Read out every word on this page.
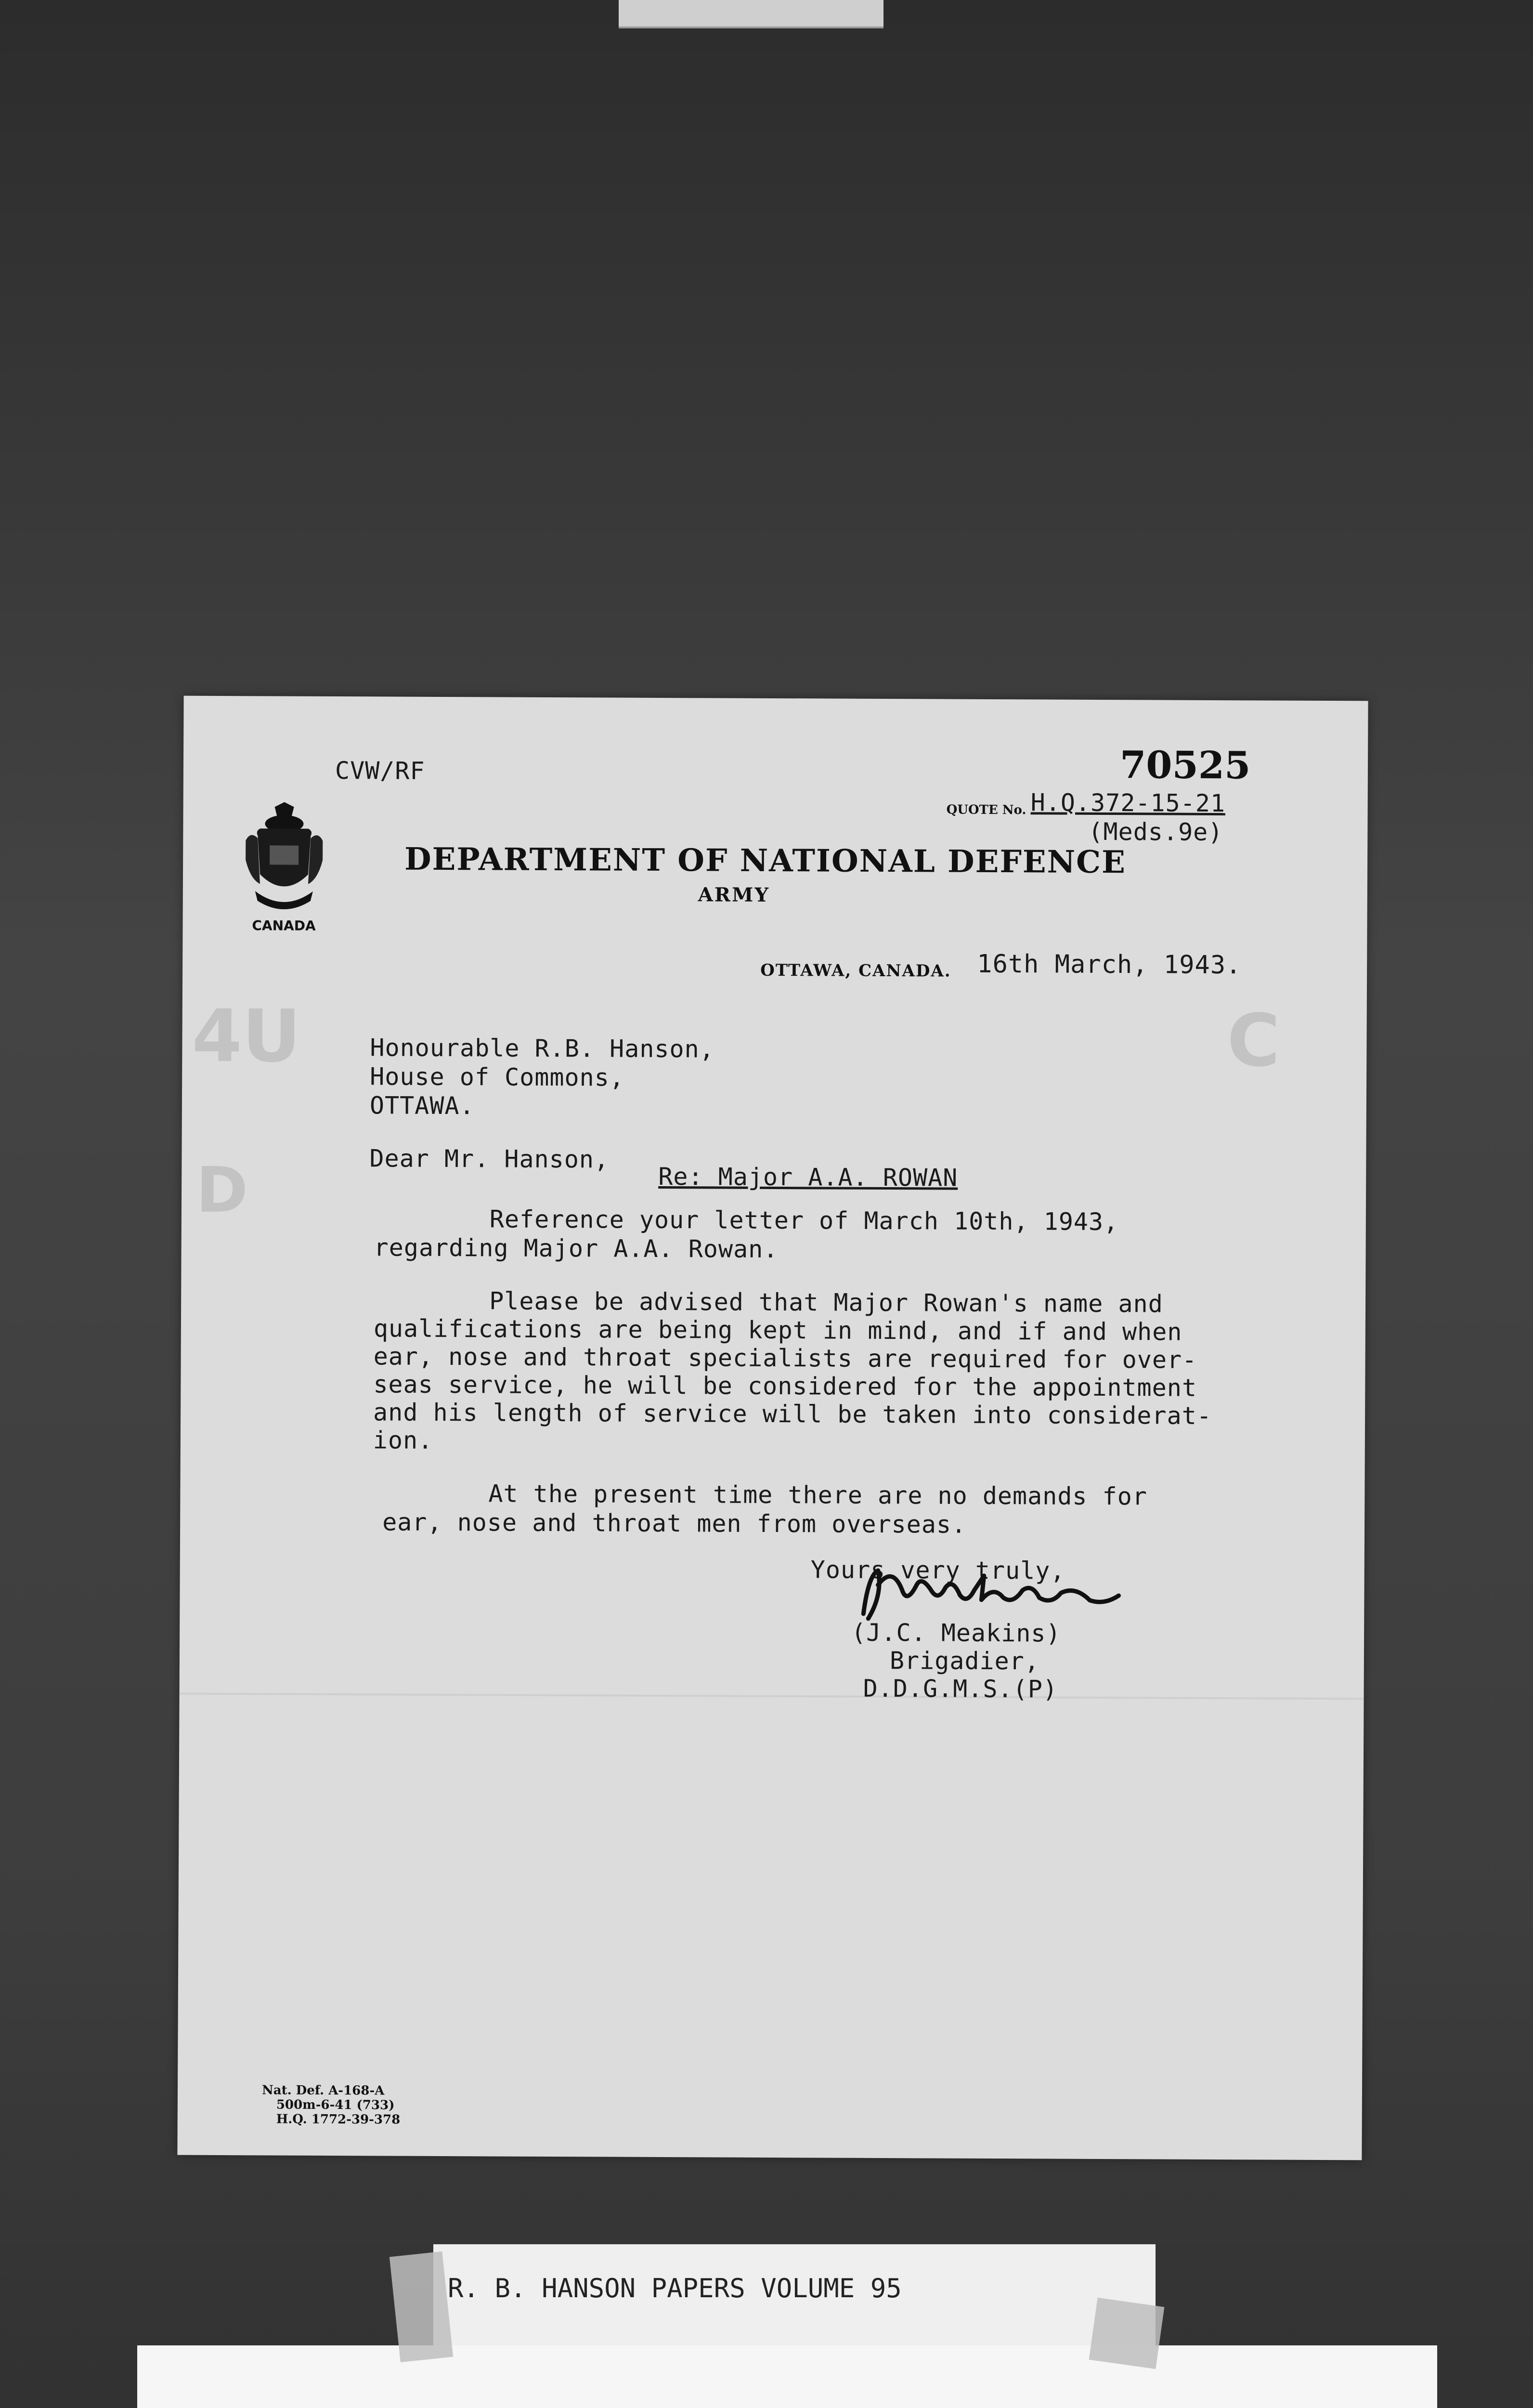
4U
D
C
CANADA
CVW/RF	70525
QUOTE No. H.Q.372-15-21
(Meds.9e)
DEPARTMENT OF NATIONAL DEFENCE
ARMY
OTTAWA, CANADA. 16th March, 1943.
Honourable R.B. Hanson,
House of Commons,
OTTAWA.
Dear Mr. Hanson,
Re: Major A.A. ROWAN
Reference your letter of March 10th, 1943,
regarding Major A.A. Rowan.
Please be advised that Major Rowan's name and
qualifications are being kept in mind, and if and when
ear, nose and throat specialists are required for over-
seas service, he will be considered for the appointment
and his length of service will be taken into considerat-
ion.
At the present time there are no demands for
ear, nose and throat men from overseas.
Yours very truly,
(J.C. Meakins)
Brigadier,
D.D.G.M.S.(P)
Nat. Def. A-168-A
500m-6-41 (733)
H.Q. 1772-39-378
R. B. HANSON PAPERS VOLUME 95
